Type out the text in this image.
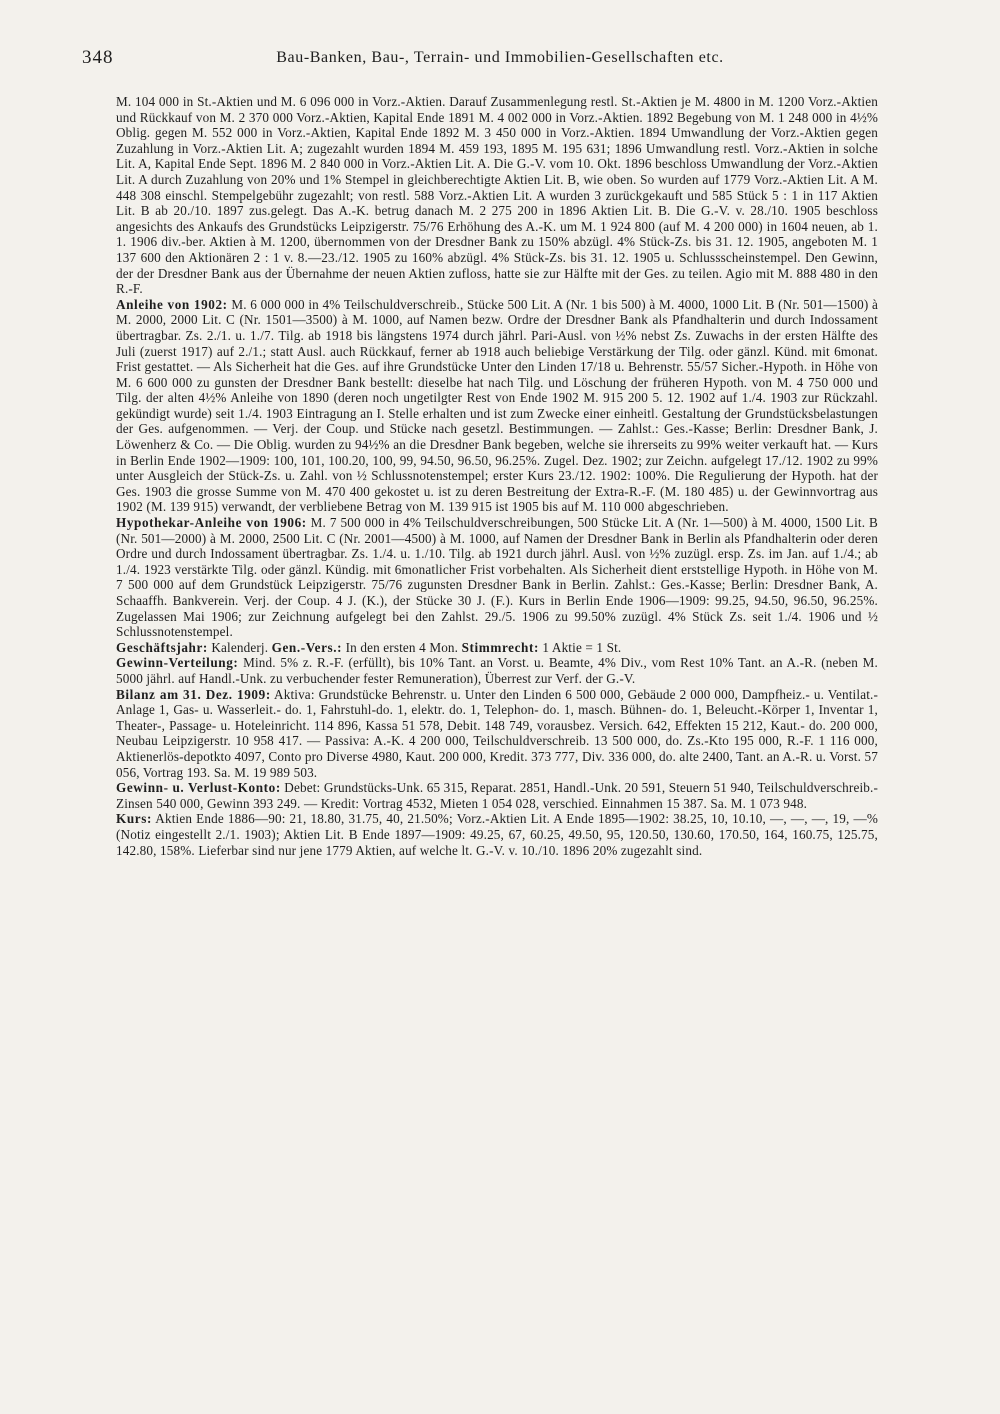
348	Bau-Banken, Bau-, Terrain- und Immobilien-Gesellschaften etc.

M. 104 000 in St.-Aktien und M. 6 096 000 in Vorz.-Aktien. Darauf Zusammenlegung restl. St.-Aktien je M. 4800 in M. 1200 Vorz.-Aktien und Rückkauf von M. 2 370 000 Vorz.-Aktien, Kapital Ende 1891 M. 4 002 000 in Vorz.-Aktien. 1892 Begebung von M. 1 248 000 in 4½% Oblig. gegen M. 552 000 in Vorz.-Aktien, Kapital Ende 1892 M. 3 450 000 in Vorz.-Aktien. 1894 Umwandlung der Vorz.-Aktien gegen Zuzahlung in Vorz.-Aktien Lit. A; zugezahlt wurden 1894 M. 459 193, 1895 M. 195 631; 1896 Umwandlung restl. Vorz.-Aktien in solche Lit. A, Kapital Ende Sept. 1896 M. 2 840 000 in Vorz.-Aktien Lit. A. Die G.-V. vom 10. Okt. 1896 beschloss Umwandlung der Vorz.-Aktien Lit. A durch Zuzahlung von 20% und 1% Stempel in gleichberechtigte Aktien Lit. B, wie oben. So wurden auf 1779 Vorz.-Aktien Lit. A M. 448 308 einschl. Stempelgebühr zugezahlt; von restl. 588 Vorz.-Aktien Lit. A wurden 3 zurückgekauft und 585 Stück 5 : 1 in 117 Aktien Lit. B ab 20./10. 1897 zus.gelegt. Das A.-K. betrug danach M. 2 275 200 in 1896 Aktien Lit. B. Die G.-V. v. 28./10. 1905 beschloss angesichts des Ankaufs des Grundstücks Leipzigerstr. 75/76 Erhöhung des A.-K. um M. 1 924 800 (auf M. 4 200 000) in 1604 neuen, ab 1. 1. 1906 div.-ber. Aktien à M. 1200, übernommen von der Dresdner Bank zu 150% abzügl. 4% Stück-Zs. bis 31. 12. 1905, angeboten M. 1 137 600 den Aktionären 2 : 1 v. 8.—23./12. 1905 zu 160% abzügl. 4% Stück-Zs. bis 31. 12. 1905 u. Schlussscheinstempel. Den Gewinn, der der Dresdner Bank aus der Übernahme der neuen Aktien zufloss, hatte sie zur Hälfte mit der Ges. zu teilen. Agio mit M. 888 480 in den R.-F.

Anleihe von 1902: M. 6 000 000 in 4% Teilschuldverschreib., Stücke 500 Lit. A (Nr. 1 bis 500) à M. 4000, 1000 Lit. B (Nr. 501—1500) à M. 2000, 2000 Lit. C (Nr. 1501—3500) à M. 1000, auf Namen bezw. Ordre der Dresdner Bank als Pfandhalterin und durch Indossament übertragbar. Zs. 2./1. u. 1./7. Tilg. ab 1918 bis längstens 1974 durch jährl. Pari-Ausl. von ½% nebst Zs. Zuwachs in der ersten Hälfte des Juli (zuerst 1917) auf 2./1.; statt Ausl. auch Rückkauf, ferner ab 1918 auch beliebige Verstärkung der Tilg. oder gänzl. Künd. mit 6monat. Frist gestattet. — Als Sicherheit hat die Ges. auf ihre Grundstücke Unter den Linden 17/18 u. Behrenstr. 55/57 Sicher.-Hypoth. in Höhe von M. 6 600 000 zu gunsten der Dresdner Bank bestellt: dieselbe hat nach Tilg. und Löschung der früheren Hypoth. von M. 4 750 000 und Tilg. der alten 4½% Anleihe von 1890 (deren noch ungetilgter Rest von Ende 1902 M. 915 200 5. 12. 1902 auf 1./4. 1903 zur Rückzahl. gekündigt wurde) seit 1./4. 1903 Eintragung an I. Stelle erhalten und ist zum Zwecke einer einheitl. Gestaltung der Grundstücksbelastungen der Ges. aufgenommen. — Verj. der Coup. und Stücke nach gesetzl. Bestimmungen. — Zahlst.: Ges.-Kasse; Berlin: Dresdner Bank, J. Löwenherz & Co. — Die Oblig. wurden zu 94½% an die Dresdner Bank begeben, welche sie ihrerseits zu 99% weiter verkauft hat. — Kurs in Berlin Ende 1902—1909: 100, 101, 100.20, 100, 99, 94.50, 96.50, 96.25%. Zugel. Dez. 1902; zur Zeichn. aufgelegt 17./12. 1902 zu 99% unter Ausgleich der Stück-Zs. u. Zahl. von ½ Schlussnotenstempel; erster Kurs 23./12. 1902: 100%. Die Regulierung der Hypoth. hat der Ges. 1903 die grosse Summe von M. 470 400 gekostet u. ist zu deren Bestreitung der Extra-R.-F. (M. 180 485) u. der Gewinnvortrag aus 1902 (M. 139 915) verwandt, der verbliebene Betrag von M. 139 915 ist 1905 bis auf M. 110 000 abgeschrieben.

Hypothekar-Anleihe von 1906: M. 7 500 000 in 4% Teilschuldverschreibungen, 500 Stücke Lit. A (Nr. 1—500) à M. 4000, 1500 Lit. B (Nr. 501—2000) à M. 2000, 2500 Lit. C (Nr. 2001—4500) à M. 1000, auf Namen der Dresdner Bank in Berlin als Pfandhalterin oder deren Ordre und durch Indossament übertragbar. Zs. 1./4. u. 1./10. Tilg. ab 1921 durch jährl. Ausl. von ½% zuzügl. ersp. Zs. im Jan. auf 1./4.; ab 1./4. 1923 verstärkte Tilg. oder gänzl. Kündig. mit 6monatlicher Frist vorbehalten. Als Sicherheit dient erststellige Hypoth. in Höhe von M. 7 500 000 auf dem Grundstück Leipzigerstr. 75/76 zugunsten Dresdner Bank in Berlin. Zahlst.: Ges.-Kasse; Berlin: Dresdner Bank, A. Schaaffh. Bankverein. Verj. der Coup. 4 J. (K.), der Stücke 30 J. (F.). Kurs in Berlin Ende 1906—1909: 99.25, 94.50, 96.50, 96.25%. Zugelassen Mai 1906; zur Zeichnung aufgelegt bei den Zahlst. 29./5. 1906 zu 99.50% zuzügl. 4% Stück Zs. seit 1./4. 1906 und ½ Schlussnotenstempel.

Geschäftsjahr: Kalenderj. Gen.-Vers.: In den ersten 4 Mon. Stimmrecht: 1 Aktie = 1 St.

Gewinn-Verteilung: Mind. 5% z. R.-F. (erfüllt), bis 10% Tant. an Vorst. u. Beamte, 4% Div., vom Rest 10% Tant. an A.-R. (neben M. 5000 jährl. auf Handl.-Unk. zu verbuchender fester Remuneration), Überrest zur Verf. der G.-V.

Bilanz am 31. Dez. 1909: Aktiva: Grundstücke Behrenstr. u. Unter den Linden 6 500 000, Gebäude 2 000 000, Dampfheiz.- u. Ventilat.-Anlage 1, Gas- u. Wasserleit.- do. 1, Fahrstuhl-do. 1, elektr. do. 1, Telephon- do. 1, masch. Bühnen- do. 1, Beleucht.-Körper 1, Inventar 1, Theater-, Passage- u. Hoteleinricht. 114 896, Kassa 51 578, Debit. 148 749, vorausbez. Versich. 642, Effekten 15 212, Kaut.- do. 200 000, Neubau Leipzigerstr. 10 958 417. — Passiva: A.-K. 4 200 000, Teilschuldverschreib. 13 500 000, do. Zs.-Kto 195 000, R.-F. 1 116 000, Aktienerlös-depotkto 4097, Conto pro Diverse 4980, Kaut. 200 000, Kredit. 373 777, Div. 336 000, do. alte 2400, Tant. an A.-R. u. Vorst. 57 056, Vortrag 193. Sa. M. 19 989 503.

Gewinn- u. Verlust-Konto: Debet: Grundstücks-Unk. 65 315, Reparat. 2851, Handl.-Unk. 20 591, Steuern 51 940, Teilschuldverschreib.-Zinsen 540 000, Gewinn 393 249. — Kredit: Vortrag 4532, Mieten 1 054 028, verschied. Einnahmen 15 387. Sa. M. 1 073 948.

Kurs: Aktien Ende 1886—90: 21, 18.80, 31.75, 40, 21.50%; Vorz.-Aktien Lit. A Ende 1895—1902: 38.25, 10, 10.10, —, —, —, 19, —% (Notiz eingestellt 2./1. 1903); Aktien Lit. B Ende 1897—1909: 49.25, 67, 60.25, 49.50, 95, 120.50, 130.60, 170.50, 164, 160.75, 125.75, 142.80, 158%. Lieferbar sind nur jene 1779 Aktien, auf welche lt. G.-V. v. 10./10. 1896 20% zugezahlt sind.
